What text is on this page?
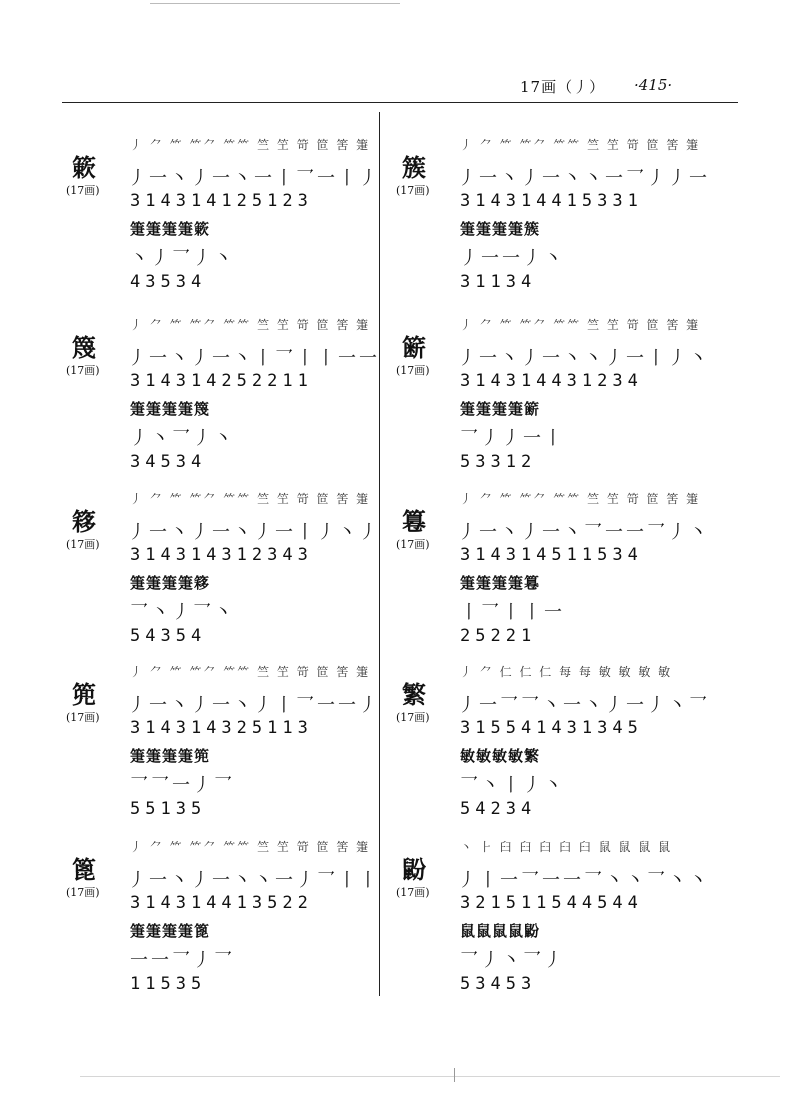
17画（丿） ·415·
簌
(17画)
丿 ⺈ ⺮ ⺮⺈ ⺮⺮ 竺 笁 笴 笸 筈 箑
丿一丶丿一丶一丨乛一丨丿
314314125123
箑箑箑箑簌
丶丿乛丿丶
43534
簇
(17画)
丿 ⺈ ⺮ ⺮⺈ ⺮⺮ 竺 笁 笴 笸 筈 箑
丿一丶丿一丶丶一乛丿丿一
314314415331
箑箑箑箑簇
丿一一丿丶
31134
篾
(17画)
丿 ⺈ ⺮ ⺮⺈ ⺮⺮ 竺 笁 笴 笸 筈 箑
丿一丶丿一丶丨乛丨丨一一
314314252211
箑箑箑箑篾
丿丶乛丿丶
34534
簖
(17画)
丿 ⺈ ⺮ ⺮⺈ ⺮⺮ 竺 笁 笴 笸 筈 箑
丿一丶丿一丶丶丿一丨丿丶
314314431234
箑箑箑箑簖
乛丿丿一丨
53312
簃
(17画)
丿 ⺈ ⺮ ⺮⺈ ⺮⺮ 竺 笁 笴 笸 筈 箑
丿一丶丿一丶丿一丨丿丶丿
314314312343
箑箑箑箑簃
乛丶丿乛丶
54354
篹
(17画)
丿 ⺈ ⺮ ⺮⺈ ⺮⺮ 竺 笁 笴 笸 筈 箑
丿一丶丿一丶乛一一乛丿丶
314314511534
箑箑箑箑篹
丨乛丨丨一
25221
篼
(17画)
丿 ⺈ ⺮ ⺮⺈ ⺮⺮ 竺 笁 笴 笸 筈 箑
丿一丶丿一丶丿丨乛一一丿
314314325113
箑箑箑箑篼
乛乛一丿乛
55135
繁
(17画)
丿 ⺈ 仁 仁 仁 每 每 敏 敏 敏 敏
丿一乛乛丶一丶丿一丿丶乛
315541431345
敏敏敏敏繁
乛丶丨丿丶
54234
篦
(17画)
丿 ⺈ ⺮ ⺮⺈ ⺮⺮ 竺 笁 笴 笸 筈 箑
丿一丶丿一丶丶一丿乛丨丨
314314413522
箑箑箑箑篦
一一乛丿乛
11535
鼢
(17画)
丶 ⺊ 臼 臼 臼 臼 臼 鼠 鼠 鼠 鼠
丿丨一乛一一乛丶丶乛丶丶
321511544544
鼠鼠鼠鼠鼢
乛丿丶乛丿
53453
